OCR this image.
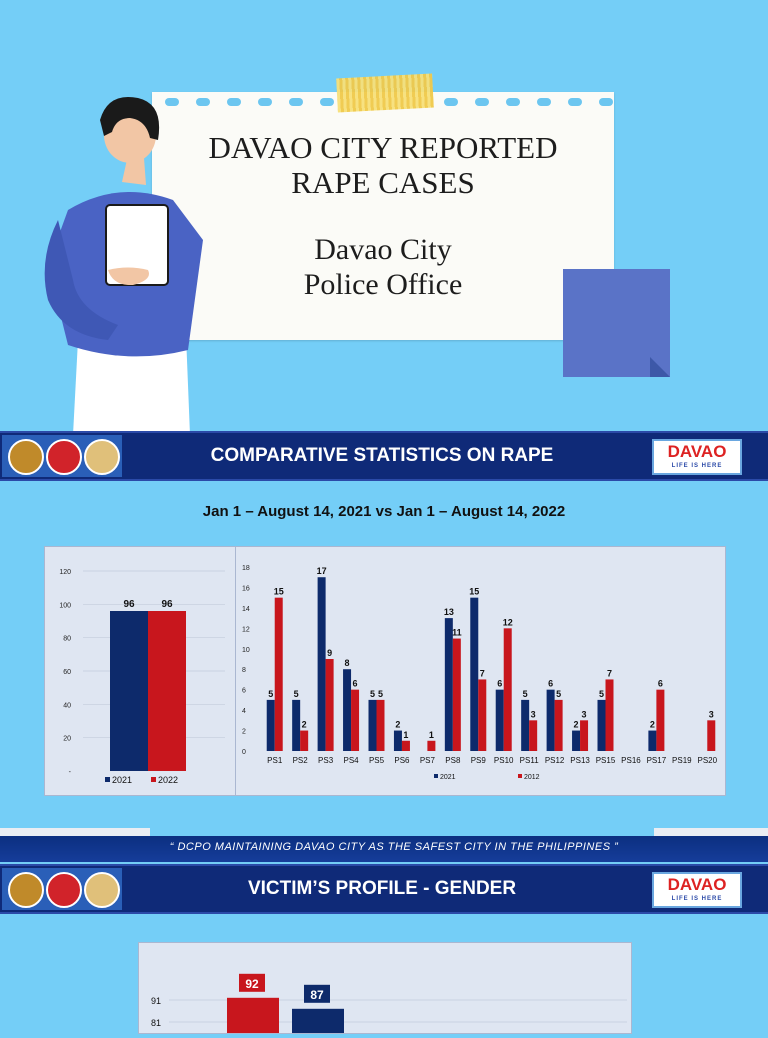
DAVAO CITY REPORTED
RAPE CASES
Davao City
Police Office
COMPARATIVE STATISTICS ON RAPE	DAVAO
LIFE IS HERE
Jan 1 – August 14, 2021 vs Jan 1 – August 14, 2022
120
100
80
60
40
20
-
96	96
2021	2022
18
16
14
12
10
8
6
4
2
0
PS1
5
15
PS2
5
2
PS3
17
9
PS4
8
6
PS5
5 5
PS6
2
1
PS7
1
PS8
13
11
PS9
15
7
PS10
6
12
PS11
5
3
PS12
6
5
PS13
2
3
PS15
5
7
PS16 PS17
2
6
PS19 PS20
3
2021	2012
“ DCPO MAINTAINING DAVAO CITY AS THE SAFEST CITY IN THE PHILIPPINES ”
VICTIM’S PROFILE - GENDER	DAVAO
LIFE IS HERE
91
81
92
87
